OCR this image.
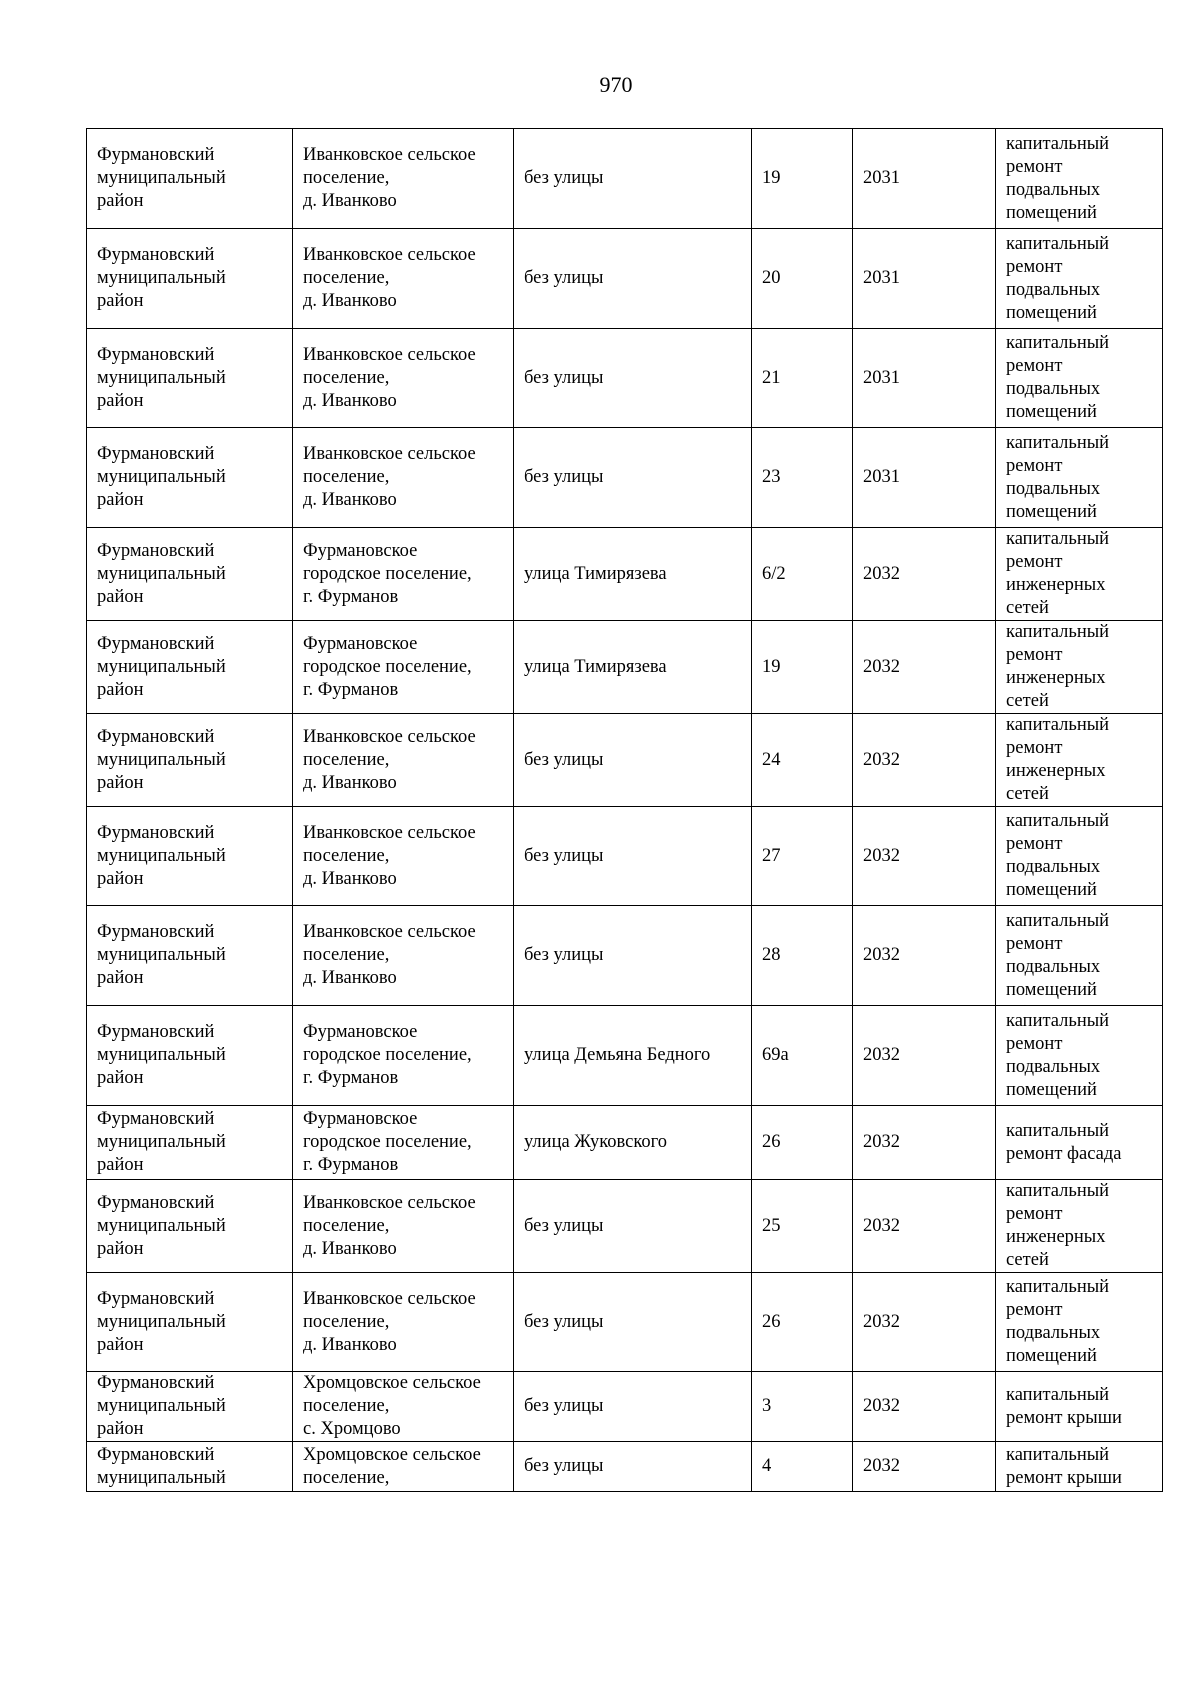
970
Фурмановский
муниципальный
район	Иванковское сельское
поселение,
д. Иванково	без улицы	19	2031	капитальный
ремонт
подвальных
помещений

Фурмановский
муниципальный
район	Иванковское сельское
поселение,
д. Иванково	без улицы	20	2031	капитальный
ремонт
подвальных
помещений

Фурмановский
муниципальный
район	Иванковское сельское
поселение,
д. Иванково	без улицы	21	2031	капитальный
ремонт
подвальных
помещений

Фурмановский
муниципальный
район	Иванковское сельское
поселение,
д. Иванково	без улицы	23	2031	капитальный
ремонт
подвальных
помещений

Фурмановский
муниципальный
район	Фурмановское
городское поселение,
г. Фурманов	улица Тимирязева	6/2	2032	капитальный
ремонт
инженерных
сетей

Фурмановский
муниципальный
район	Фурмановское
городское поселение,
г. Фурманов	улица Тимирязева	19	2032	капитальный
ремонт
инженерных
сетей

Фурмановский
муниципальный
район	Иванковское сельское
поселение,
д. Иванково	без улицы	24	2032	капитальный
ремонт
инженерных
сетей

Фурмановский
муниципальный
район	Иванковское сельское
поселение,
д. Иванково	без улицы	27	2032	капитальный
ремонт
подвальных
помещений

Фурмановский
муниципальный
район	Иванковское сельское
поселение,
д. Иванково	без улицы	28	2032	капитальный
ремонт
подвальных
помещений

Фурмановский
муниципальный
район	Фурмановское
городское поселение,
г. Фурманов	улица Демьяна Бедного	69а	2032	капитальный
ремонт
подвальных
помещений

Фурмановский
муниципальный
район	Фурмановское
городское поселение,
г. Фурманов	улица Жуковского	26	2032	капитальный
ремонт фасада

Фурмановский
муниципальный
район	Иванковское сельское
поселение,
д. Иванково	без улицы	25	2032	капитальный
ремонт
инженерных
сетей

Фурмановский
муниципальный
район	Иванковское сельское
поселение,
д. Иванково	без улицы	26	2032	капитальный
ремонт
подвальных
помещений

Фурмановский
муниципальный
район	Хромцовское сельское
поселение,
с. Хромцово	без улицы	3	2032	капитальный
ремонт крыши

Фурмановский
муниципальный	Хромцовское сельское
поселение,	без улицы	4	2032	капитальный
ремонт крыши
